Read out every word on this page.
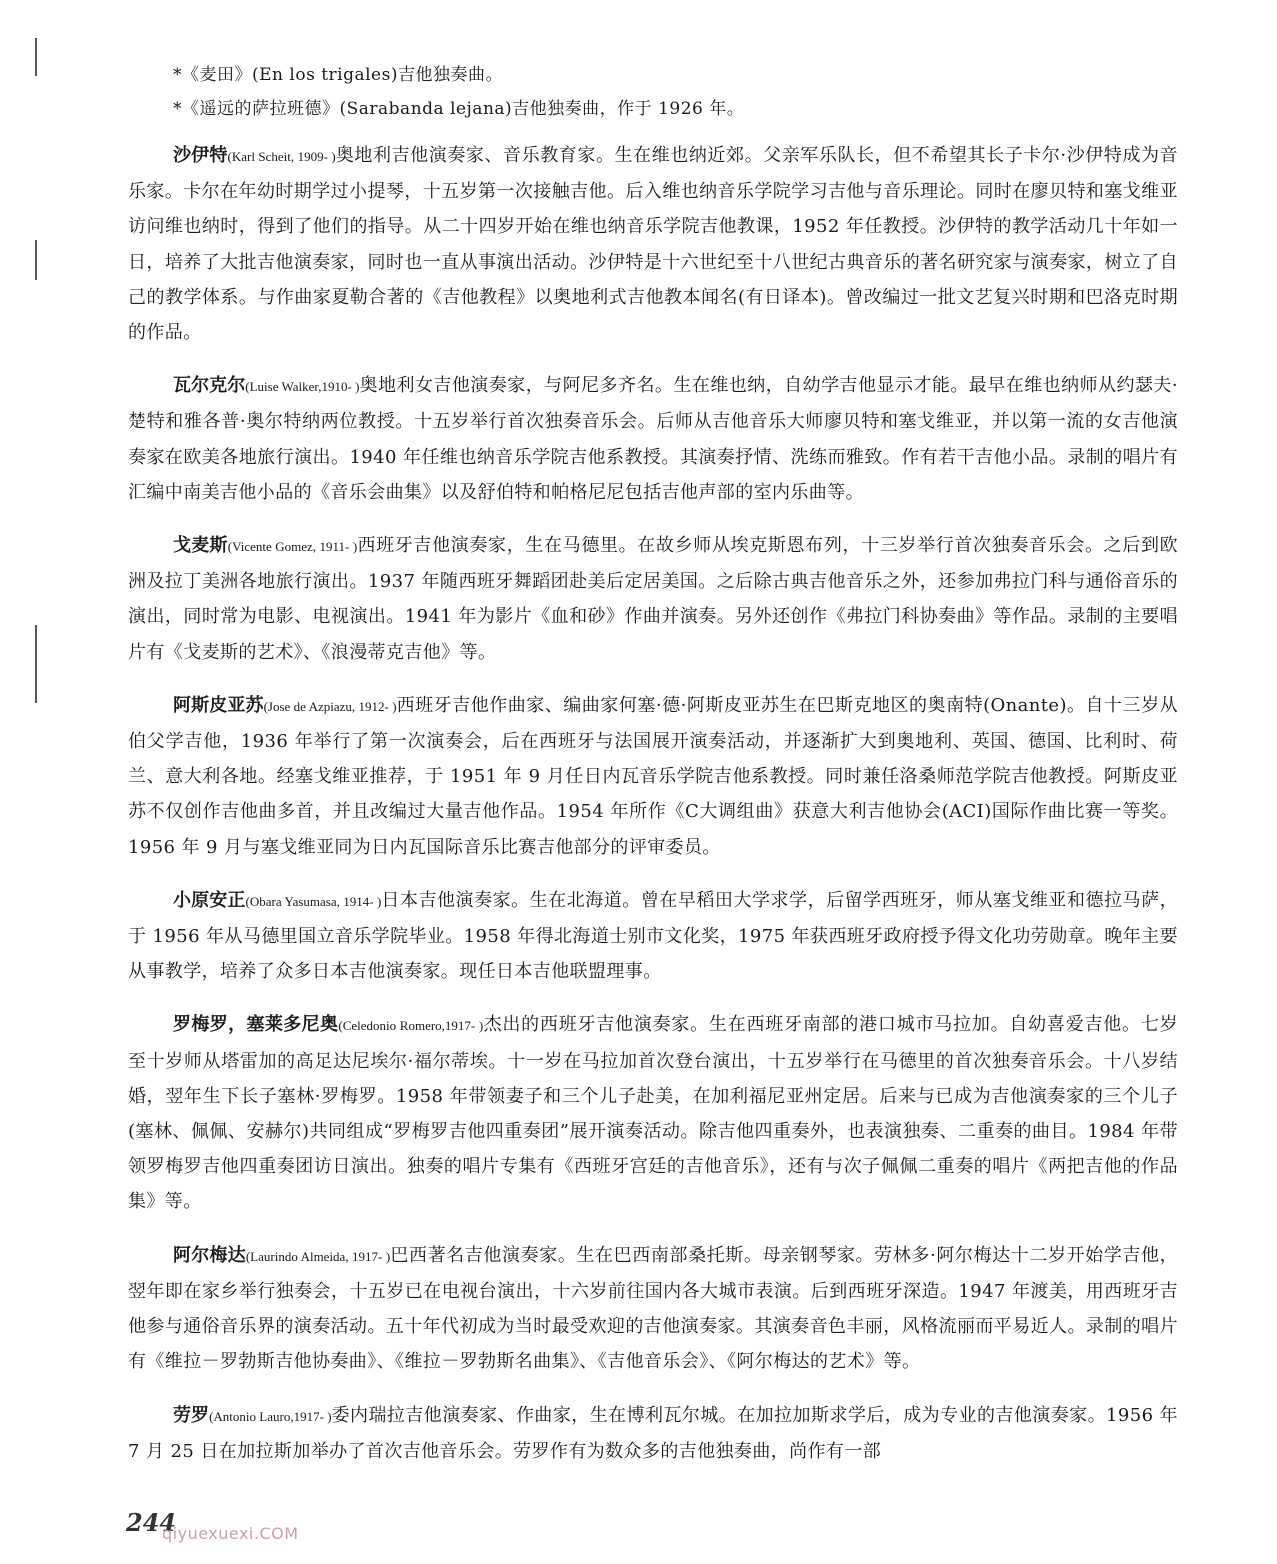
*《麦田》(En los trigales)吉他独奏曲。
*《遥远的萨拉班德》(Sarabanda lejana)吉他独奏曲，作于 1926 年。

沙伊特(Karl Scheit, 1909- )奥地利吉他演奏家、音乐教育家。生在维也纳近郊。父亲军乐队长，但不希望其长子卡尔·沙伊特成为音乐家。卡尔在年幼时期学过小提琴，十五岁第一次接触吉他。后入维也纳音乐学院学习吉他与音乐理论。同时在廖贝特和塞戈维亚访问维也纳时，得到了他们的指导。从二十四岁开始在维也纳音乐学院吉他教课，1952 年任教授。沙伊特的教学活动几十年如一日，培养了大批吉他演奏家，同时也一直从事演出活动。沙伊特是十六世纪至十八世纪古典音乐的著名研究家与演奏家，树立了自己的教学体系。与作曲家夏勒合著的《吉他教程》以奥地利式吉他教本闻名(有日译本)。曾改编过一批文艺复兴时期和巴洛克时期的作品。

瓦尔克尔(Luise Walker,1910- )奥地利女吉他演奏家，与阿尼多齐名。生在维也纳，自幼学吉他显示才能。最早在维也纳师从约瑟夫·楚特和雅各普·奥尔特纳两位教授。十五岁举行首次独奏音乐会。后师从吉他音乐大师廖贝特和塞戈维亚，并以第一流的女吉他演奏家在欧美各地旅行演出。1940 年任维也纳音乐学院吉他系教授。其演奏抒情、洗练而雅致。作有若干吉他小品。录制的唱片有汇编中南美吉他小品的《音乐会曲集》以及舒伯特和帕格尼尼包括吉他声部的室内乐曲等。

戈麦斯(Vicente Gomez, 1911- )西班牙吉他演奏家，生在马德里。在故乡师从埃克斯恩布列，十三岁举行首次独奏音乐会。之后到欧洲及拉丁美洲各地旅行演出。1937 年随西班牙舞蹈团赴美后定居美国。之后除古典吉他音乐之外，还参加弗拉门科与通俗音乐的演出，同时常为电影、电视演出。1941 年为影片《血和砂》作曲并演奏。另外还创作《弗拉门科协奏曲》等作品。录制的主要唱片有《戈麦斯的艺术》、《浪漫蒂克吉他》等。

阿斯皮亚苏(Jose de Azpiazu, 1912- )西班牙吉他作曲家、编曲家何塞·德·阿斯皮亚苏生在巴斯克地区的奥南特(Onante)。自十三岁从伯父学吉他，1936 年举行了第一次演奏会，后在西班牙与法国展开演奏活动，并逐渐扩大到奥地利、英国、德国、比利时、荷兰、意大利各地。经塞戈维亚推荐，于 1951 年 9 月任日内瓦音乐学院吉他系教授。同时兼任洛桑师范学院吉他教授。阿斯皮亚苏不仅创作吉他曲多首，并且改编过大量吉他作品。1954 年所作《C大调组曲》获意大利吉他协会(ACI)国际作曲比赛一等奖。1956 年 9 月与塞戈维亚同为日内瓦国际音乐比赛吉他部分的评审委员。

小原安正(Obara Yasumasa, 1914- )日本吉他演奏家。生在北海道。曾在早稻田大学求学，后留学西班牙，师从塞戈维亚和德拉马萨，于 1956 年从马德里国立音乐学院毕业。1958 年得北海道士别市文化奖，1975 年获西班牙政府授予得文化功劳勋章。晚年主要从事教学，培养了众多日本吉他演奏家。现任日本吉他联盟理事。

罗梅罗，塞莱多尼奥(Celedonio Romero,1917- )杰出的西班牙吉他演奏家。生在西班牙南部的港口城市马拉加。自幼喜爱吉他。七岁至十岁师从塔雷加的高足达尼埃尔·福尔蒂埃。十一岁在马拉加首次登台演出，十五岁举行在马德里的首次独奏音乐会。十八岁结婚，翌年生下长子塞林·罗梅罗。1958 年带领妻子和三个儿子赴美，在加利福尼亚州定居。后来与已成为吉他演奏家的三个儿子(塞林、佩佩、安赫尔)共同组成“罗梅罗吉他四重奏团”展开演奏活动。除吉他四重奏外，也表演独奏、二重奏的曲目。1984 年带领罗梅罗吉他四重奏团访日演出。独奏的唱片专集有《西班牙宫廷的吉他音乐》，还有与次子佩佩二重奏的唱片《两把吉他的作品集》等。

阿尔梅达(Laurindo Almeida, 1917- )巴西著名吉他演奏家。生在巴西南部桑托斯。母亲钢琴家。劳林多·阿尔梅达十二岁开始学吉他，翌年即在家乡举行独奏会，十五岁已在电视台演出，十六岁前往国内各大城市表演。后到西班牙深造。1947 年渡美，用西班牙吉他参与通俗音乐界的演奏活动。五十年代初成为当时最受欢迎的吉他演奏家。其演奏音色丰丽，风格流丽而平易近人。录制的唱片有《维拉－罗勃斯吉他协奏曲》、《维拉－罗勃斯名曲集》、《吉他音乐会》、《阿尔梅达的艺术》等。

劳罗(Antonio Lauro,1917- )委内瑞拉吉他演奏家、作曲家，生在博利瓦尔城。在加拉加斯求学后，成为专业的吉他演奏家。1956 年 7 月 25 日在加拉斯加举办了首次吉他音乐会。劳罗作有为数众多的吉他独奏曲，尚作有一部

244
qiyuexuexi.COM
